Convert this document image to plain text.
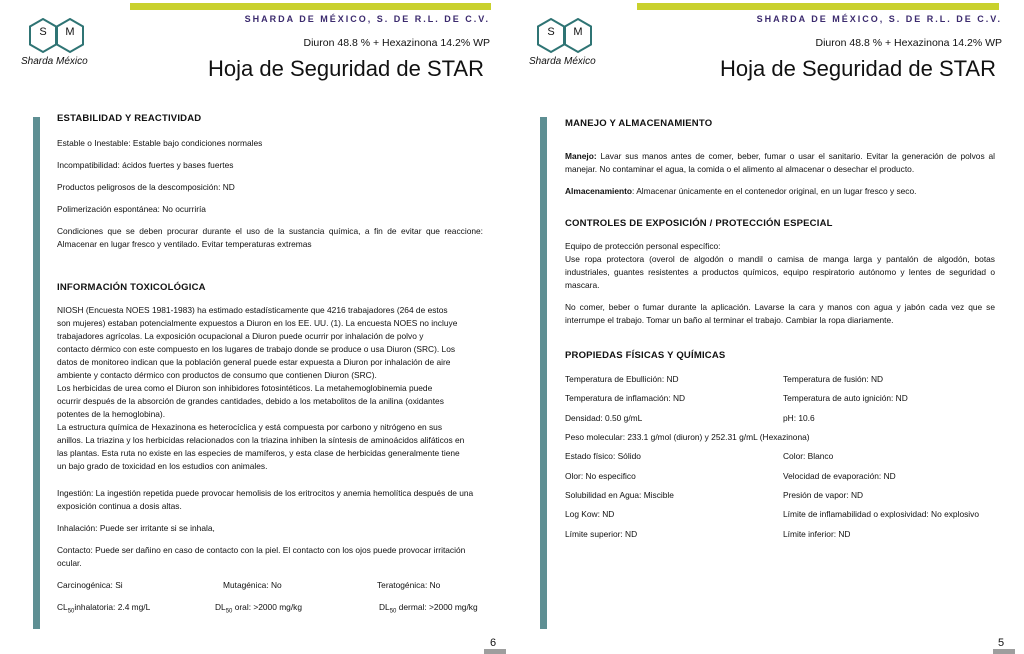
SHARDA DE MÉXICO, S. DE R.L. DE C.V.
Diuron 48.8 % + Hexazinona 14.2% WP
Hoja de Seguridad de STAR
S	M
Sharda México
ESTABILIDAD Y REACTIVIDAD
Estable o Inestable: Estable bajo condiciones normales
Incompatibilidad: ácidos fuertes y bases fuertes
Productos peligrosos de la descomposición: ND
Polimerización espontánea: No ocurriría
Condiciones que se deben procurar durante el uso de la sustancia química, a fin de evitar que reaccione: Almacenar en lugar fresco y ventilado. Evitar temperaturas extremas
INFORMACIÓN TOXICOLÓGICA
NIOSH (Encuesta NOES 1981-1983) ha estimado estadísticamente que 4216 trabajadores (264 de estos
son mujeres) estaban potencialmente expuestos a Diuron en los EE. UU. (1). La encuesta NOES no incluye
trabajadores agrícolas. La exposición ocupacional a Diuron puede ocurrir por inhalación de polvo y
contacto dérmico con este compuesto en los lugares de trabajo donde se produce o usa Diuron (SRC). Los
datos de monitoreo indican que la población general puede estar expuesta a Diuron por inhalación de aire
ambiente y contacto dérmico con productos de consumo que contienen Diuron (SRC).
Los herbicidas de urea como el Diuron son inhibidores fotosintéticos. La metahemoglobinemia puede
ocurrir después de la absorción de grandes cantidades, debido a los metabolitos de la anilina (oxidantes
potentes de la hemoglobina).
La estructura química de Hexazinona es heterocíclica y está compuesta por carbono y nitrógeno en sus
anillos. La triazina y los herbicidas relacionados con la triazina inhiben la síntesis de aminoácidos alifáticos en
las plantas. Esta ruta no existe en las especies de mamíferos, y esta clase de herbicidas generalmente tiene
un bajo grado de toxicidad en los estudios con animales.
Ingestión: La ingestión repetida puede provocar hemolisis de los eritrocitos y anemia hemolítica después de una exposición continua a dosis altas.
Inhalación: Puede ser irritante si se inhala,
Contacto: Puede ser dañino en caso de contacto con la piel. El contacto con los ojos puede provocar irritación ocular.
Carcinogénica: Si	Mutagénica: No	Teratogénica: No
$CL_{50}inhalatoria$: 2.4 mg/L	$DL_{50}$ oral: >2000 mg/kg	$DL_{50}$ dermal: >2000 mg/kg
6
SHARDA DE MÉXICO, S. DE R.L. DE C.V.
Diuron 48.8 % + Hexazinona 14.2% WP
Hoja de Seguridad de STAR
S	M
Sharda México
MANEJO Y ALMACENAMIENTO
Manejo: Lavar sus manos antes de comer, beber, fumar o usar el sanitario. Evitar la generación de polvos al manejar. No contaminar el agua, la comida o el alimento al almacenar o desechar el producto.
Almacenamiento: Almacenar únicamente en el contenedor original, en un lugar fresco y seco.
CONTROLES DE EXPOSICIÓN / PROTECCIÓN ESPECIAL
Equipo de protección personal específico:
Use ropa protectora (overol de algodón o mandil o camisa de manga larga y pantalón de algodón, botas industriales, guantes resistentes a productos químicos, equipo respiratorio autónomo y lentes de seguridad o mascara.
No comer, beber o fumar durante la aplicación. Lavarse la cara y manos con agua y jabón cada vez que se interrumpe el trabajo. Tomar un baño al terminar el trabajo. Cambiar la ropa diariamente.
PROPIEDAS FÍSICAS Y QUÍMICAS
Temperatura de Ebullición: ND	Temperatura de fusión: ND
Temperatura de inflamación: ND	Temperatura de auto ignición: ND
Densidad: 0.50 g/mL	pH: 10.6
Peso molecular: 233.1 g/mol (diuron) y 252.31 g/mL (Hexazinona)
Estado físico: Sólido	Color: Blanco
Olor: No especifico	Velocidad de evaporación: ND
Solubilidad en Agua: Miscible	Presión de vapor: ND
Log Kow: ND	Límite de inflamabilidad o explosividad: No explosivo
Límite superior: ND	Límite inferior: ND
5
